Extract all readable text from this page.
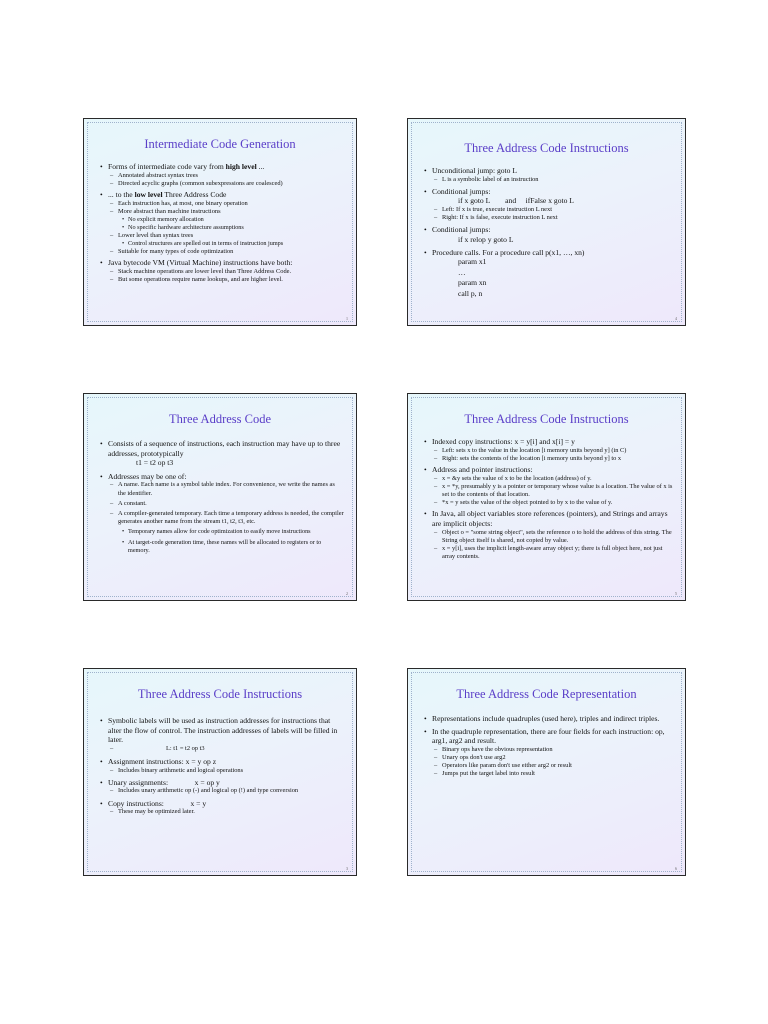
Intermediate Code Generation
• Forms of intermediate code vary from high level ...
– Annotated abstract syntax trees
– Directed acyclic graphs (common subexpressions are coalesced)
• ... to the low level Three Address Code
– Each instruction has, at most, one binary operation
– More abstract than machine instructions
• No explicit memory allocation
• No specific hardware architecture assumptions
– Lower level than syntax trees
• Control structures are spelled out in terms of instruction jumps
– Suitable for many types of code optimization
• Java bytecode VM (Virtual Machine) instructions have both:
– Stack machine operations are lower level than Three Address Code.
– But some operations require name lookups, and are higher level.
1
Three Address Code Instructions
• Unconditional jump: goto L
– L is a symbolic label of an instruction
• Conditional jumps:
if x goto L        and     ifFalse x goto L
– Left: If x is true, execute instruction L next
– Right: If x is false, execute instruction L next
• Conditional jumps:
if x relop y goto L
• Procedure calls. For a procedure call p(x1, …, xn)
param x1
…
param xn
call p, n
4
Three Address Code
• Consists of a sequence of instructions, each instruction may have up to three addresses, prototypically
t1 = t2 op t3
• Addresses may be one of:
– A name. Each name is a symbol table index. For convenience, we write the names as the identifier.
– A constant.
– A compiler-generated temporary. Each time a temporary address is needed, the compiler generates another name from the stream t1, t2, t3, etc.
• Temporary names allow for code optimization to easily move instructions
• At target-code generation time, these names will be allocated to registers or to memory.
2
Three Address Code Instructions
• Indexed copy instructions: x = y[i] and x[i] = y
– Left: sets x to the value in the location [i memory units beyond y] (in C)
– Right: sets the contents of the location [i memory units beyond y] to x
• Address and pointer instructions:
– x = &y sets the value of x to be the location (address) of y.
– x = *y, presumably y is a pointer or temporary whose value is a location. The value of x is set to the contents of that location.
– *x = y sets the value of the object pointed to by x to the value of y.
• In Java, all object variables store references (pointers), and Strings and arrays are implicit objects:
– Object o = "some string object", sets the reference o to hold the address of this string. The String object itself is shared, not copied by value.
– x = y[i], uses the implicit length-aware array object y; there is full object here, not just array contents.
5
Three Address Code Instructions
• Symbolic labels will be used as instruction addresses for instructions that alter the flow of control. The instruction addresses of labels will be filled in later.
– L: t1 = t2 op t3
• Assignment instructions: x = y op z
– Includes binary arithmetic and logical operations
• Unary assignments:              x = op y
– Includes unary arithmetic op (-) and logical op (!) and type conversion
• Copy instructions:              x = y
– These may be optimized later.
3
Three Address Code Representation
• Representations include quadruples (used here), triples and indirect triples.
• In the quadruple representation, there are four fields for each instruction: op, arg1, arg2 and result.
– Binary ops have the obvious representation
– Unary ops don't use arg2
– Operators like param don't use either arg2 or result
– Jumps put the target label into result
6
